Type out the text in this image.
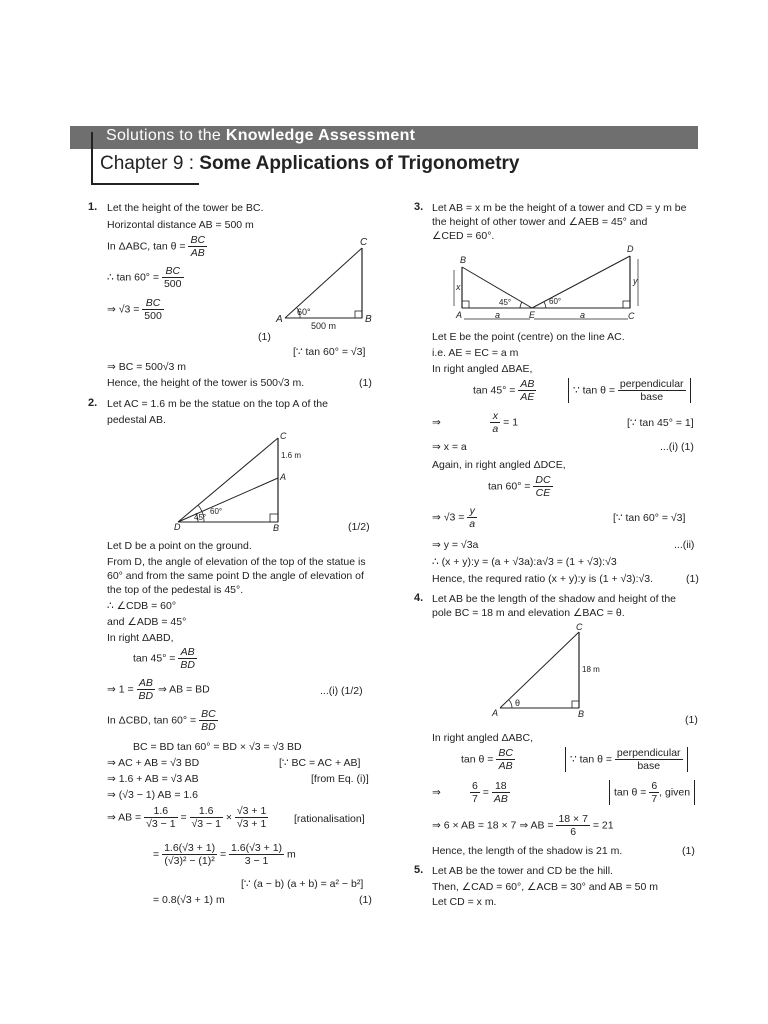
Solutions to the Knowledge Assessment
Chapter 9 : Some Applications of Trigonometry
1. Let the height of the tower be BC.
Horizontal distance AB = 500 m
In ΔABC, $\tan \theta = \frac{BC}{AB}$
∴ $\tan 60^\circ = \frac{BC}{500}$
⇒ $√3 = \frac{BC}{500}$	A	B
C
60°
500 m
(1)
[∵ tan 60° = √3]
⇒ BC = 500√3 m
Hence, the height of the tower is 500√3 m.	(1)
2. Let AC = 1.6 m be the statue on the top A of the
pedestal AB.
C
A
B
D
45°
60°
1.6 m
(1/2)
Let D be a point on the ground.
From D, the angle of elevation of the top of the statue is
60° and from the same point D the angle of elevation of
the top of the pedestal is 45°.
∴ ∠CDB = 60°
and ∠ADB = 45°
In right ΔABD,
$\tan 45^\circ = \frac{AB}{BD}$
⇒ $1 = \frac{AB}{BD}$ ⇒ AB = BD	...(i) (1/2)
In ΔCBD, $\tan 60^\circ = \frac{BC}{BD}$
BC = BD tan 60° = BD × √3 = √3 BD
⇒ AC + AB = √3 BD	[∵ BC = AC + AB]
⇒ 1.6 + AB = √3 AB	[from Eq. (i)]
⇒ (√3 − 1) AB = 1.6
⇒ AB = $\frac{1.6}{√3 - 1} = \frac{1.6}{√3 - 1} \times \frac{√3 + 1}{√3 + 1}$ [rationalisation]
= $\frac{1.6(√3 + 1)}{\text{(√3)² − (1)²}} = \frac{1.6(√3 + 1)}{3 - 1}$ m
[∵ (a − b) (a + b) = a² − b²]
= 0.8(√3 + 1) m	(1)
3. Let AB = x m be the height of a tower and CD = y m be
the height of other tower and ∠AEB = 45° and
∠CED = 60°.
B
A	E	C
D
x
y
45°	60°
a	a
Let E be the point (centre) on the line AC.
i.e. AE = EC = a m
In right angled ΔBAE,
$\tan 45^\circ = \frac{AB}{AE}$	∵ $\tan \theta = \frac{\text{perpendicular}}{\text{base}}$
⇒	$\frac{x}{a} = 1$	[∵ tan 45° = 1]
⇒ x = a	...(i) (1)
Again, in right angled ΔDCE,
$\tan 60^\circ = \frac{DC}{CE}$
⇒ $√3 = \frac{y}{a}$	[∵ tan 60° = √3]
⇒ y = √3a	...(ii)
∴ (x + y):y = (a + √3a):a√3 = (1 + √3):√3
Hence, the requred ratio (x + y):y is (1 + √3):√3.	(1)
4. Let AB be the length of the shadow and height of the
pole BC = 18 m and elevation ∠BAC = θ.
A	B
C
θ
18 m
(1)
In right angled ΔABC,
$\tan \theta = \frac{BC}{AB}$	∵ $\tan \theta = \frac{\text{perpendicular}}{\text{base}}$
⇒	$\frac{6}{7} = \frac{18}{AB}$	$\tan \theta = \frac{6}{7}$ , given
⇒ 6 × AB = 18 × 7 ⇒ AB = $\frac{18 \times 7}{6} = 21$
Hence, the length of the shadow is 21 m.	(1)
5. Let AB be the tower and CD be the hill.
Then, ∠CAD = 60°, ∠ACB = 30° and AB = 50 m
Let CD = x m.
